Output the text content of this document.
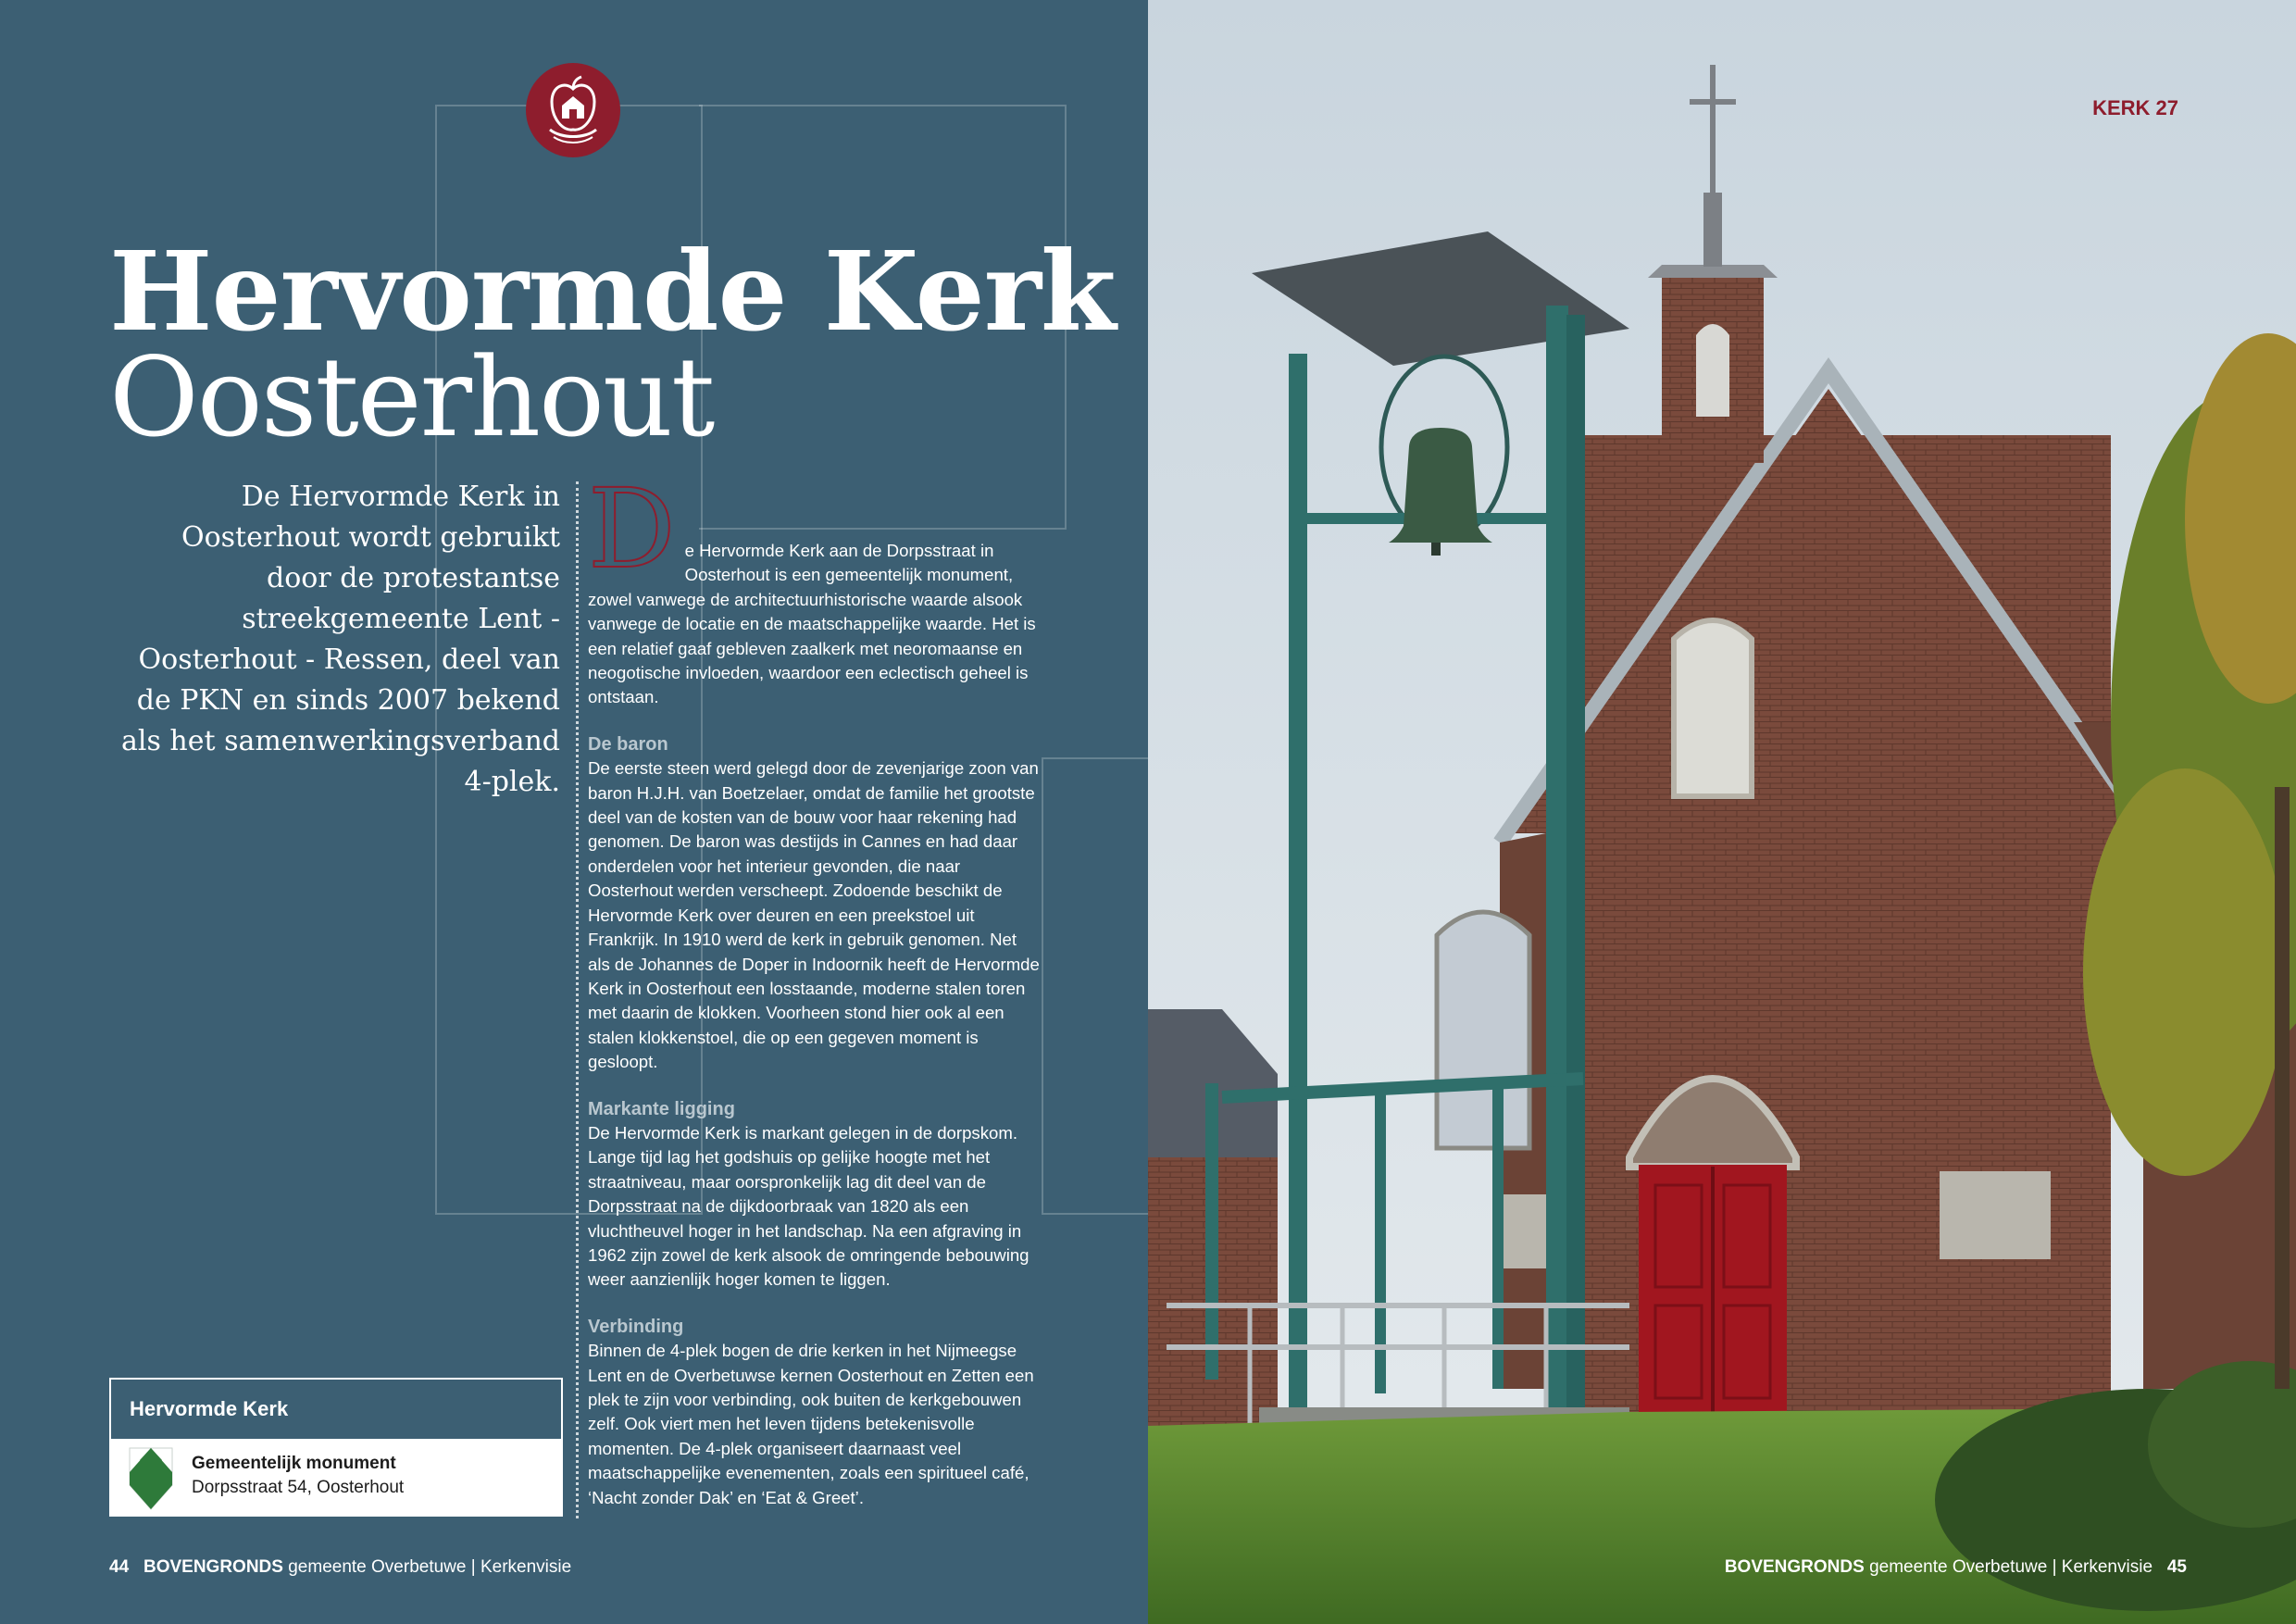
Hervormde Kerk
Oosterhout
De Hervormde Kerk in Oosterhout wordt gebruikt door de protestantse streekgemeente Lent - Oosterhout - Ressen, deel van de PKN en sinds 2007 bekend als het samenwerkingsverband 4-plek.
D e Hervormde Kerk aan de Dorpsstraat in Oosterhout is een gemeentelijk monument, zowel vanwege de architectuurhistorische waarde alsook vanwege de locatie en de maatschappelijke waarde. Het is een relatief gaaf gebleven zaalkerk met neoromaanse en neogotische invloeden, waardoor een eclectisch geheel is ontstaan.

De baron

De eerste steen werd gelegd door de zevenjarige zoon van baron H.J.H. van Boetzelaer, omdat de familie het grootste deel van de kosten van de bouw voor haar rekening had genomen. De baron was destijds in Cannes en had daar onderdelen voor het interieur gevonden, die naar Oosterhout werden verscheept. Zodoende beschikt de Hervormde Kerk over deuren en een preekstoel uit Frankrijk. In 1910 werd de kerk in gebruik genomen. Net als de Johannes de Doper in Indoornik heeft de Hervormde Kerk in Oosterhout een losstaande, moderne stalen toren met daarin de klokken. Voorheen stond hier ook al een stalen klokkenstoel, die op een gegeven moment is gesloopt.

Markante ligging

De Hervormde Kerk is markant gelegen in de dorpskom. Lange tijd lag het godshuis op gelijke hoogte met het straatniveau, maar oorspronkelijk lag dit deel van de Dorpsstraat na de dijkdoorbraak van 1820 als een vluchtheuvel hoger in het landschap. Na een afgraving in 1962 zijn zowel de kerk alsook de omringende bebouwing weer aanzienlijk hoger komen te liggen.

Verbinding

Binnen de 4-plek bogen de drie kerken in het Nijmeegse Lent en de Overbetuwse kernen Oosterhout en Zetten een plek te zijn voor verbinding, ook buiten de kerkgebouwen zelf. Ook viert men het leven tijdens betekenisvolle momenten. De 4-plek organiseert daarnaast veel maatschappelijke evenementen, zoals een spiritueel café, ‘Nacht zonder Dak’ en ‘Eat & Greet’.

Hervormde Kerk
Gemeentelijk monument
Dorpsstraat 54, Oosterhout
44 BOVENGRONDS gemeente Overbetuwe | Kerkenvisie
KERK 27
BOVENGRONDS gemeente Overbetuwe | Kerkenvisie 45
